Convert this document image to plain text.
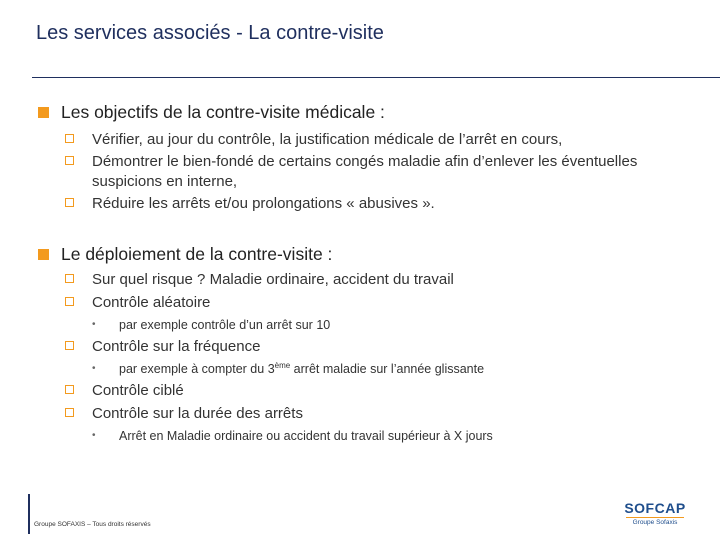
Les services associés - La contre-visite
Les objectifs de la contre-visite médicale :
Vérifier, au jour du contrôle, la justification médicale de l’arrêt en cours,
Démontrer le bien-fondé de certains congés maladie afin d’enlever les éventuelles suspicions en interne,
Réduire les arrêts et/ou prolongations « abusives ».
Le déploiement de la contre-visite :
Sur quel risque ? Maladie ordinaire, accident du travail
Contrôle aléatoire
• par exemple contrôle d’un arrêt sur 10
Contrôle sur la fréquence
• par exemple à compter du 3ème arrêt maladie sur l’année glissante
Contrôle ciblé
Contrôle sur la durée des arrêts
• Arrêt en Maladie ordinaire ou accident du travail supérieur à X jours
Groupe SOFAXIS – Tous droits réservés
SOFCAP
Groupe Sofaxis
